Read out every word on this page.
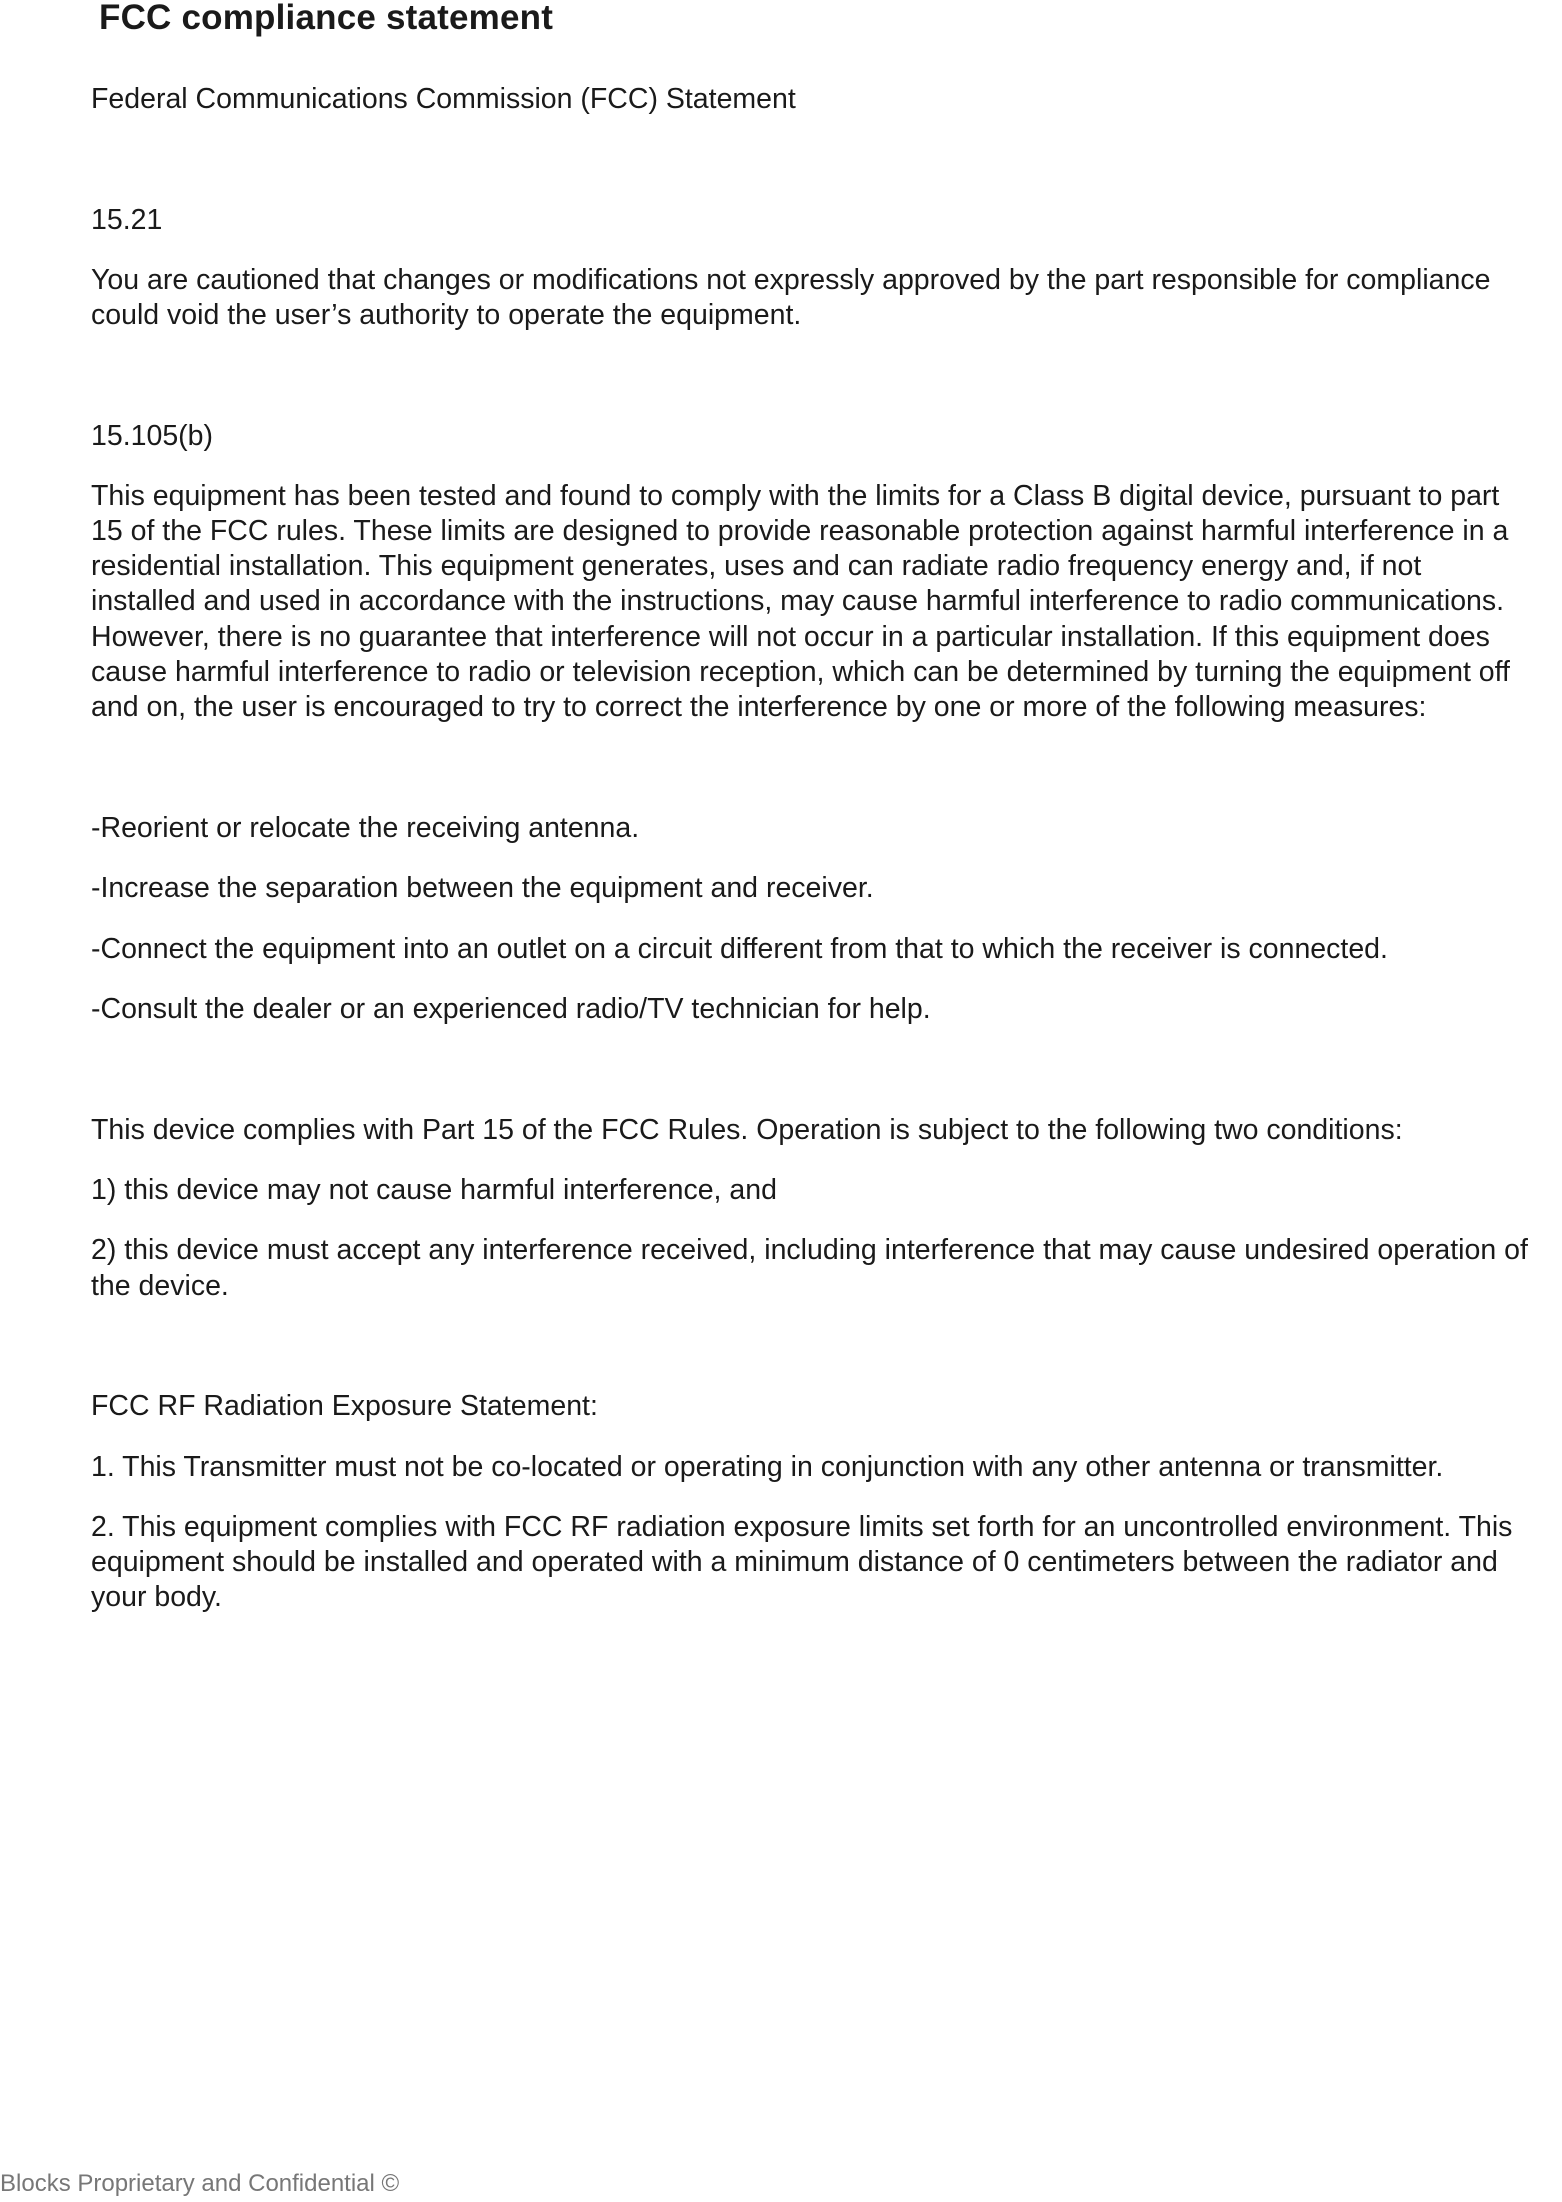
FCC compliance statement
Federal Communications Commission (FCC) Statement
15.21
You are cautioned that changes or modifications not expressly approved by the part responsible for compliance
could void the user’s authority to operate the equipment.
15.105(b)
This equipment has been tested and found to comply with the limits for a Class B digital device, pursuant to part
15 of the FCC rules. These limits are designed to provide reasonable protection against harmful interference in a
residential installation. This equipment generates, uses and can radiate radio frequency energy and, if not
installed and used in accordance with the instructions, may cause harmful interference to radio communications.
However, there is no guarantee that interference will not occur in a particular installation. If this equipment does
cause harmful interference to radio or television reception, which can be determined by turning the equipment off
and on, the user is encouraged to try to correct the interference by one or more of the following measures:
-Reorient or relocate the receiving antenna.
-Increase the separation between the equipment and receiver.
-Connect the equipment into an outlet on a circuit different from that to which the receiver is connected.
-Consult the dealer or an experienced radio/TV technician for help.
This device complies with Part 15 of the FCC Rules. Operation is subject to the following two conditions:
1) this device may not cause harmful interference, and
2) this device must accept any interference received, including interference that may cause undesired operation of
the device.
FCC RF Radiation Exposure Statement:
1. This Transmitter must not be co-located or operating in conjunction with any other antenna or transmitter.
2. This equipment complies with FCC RF radiation exposure limits set forth for an uncontrolled environment. This
equipment should be installed and operated with a minimum distance of 0 centimeters between the radiator and
your body.
Blocks Proprietary and Confidential ©
